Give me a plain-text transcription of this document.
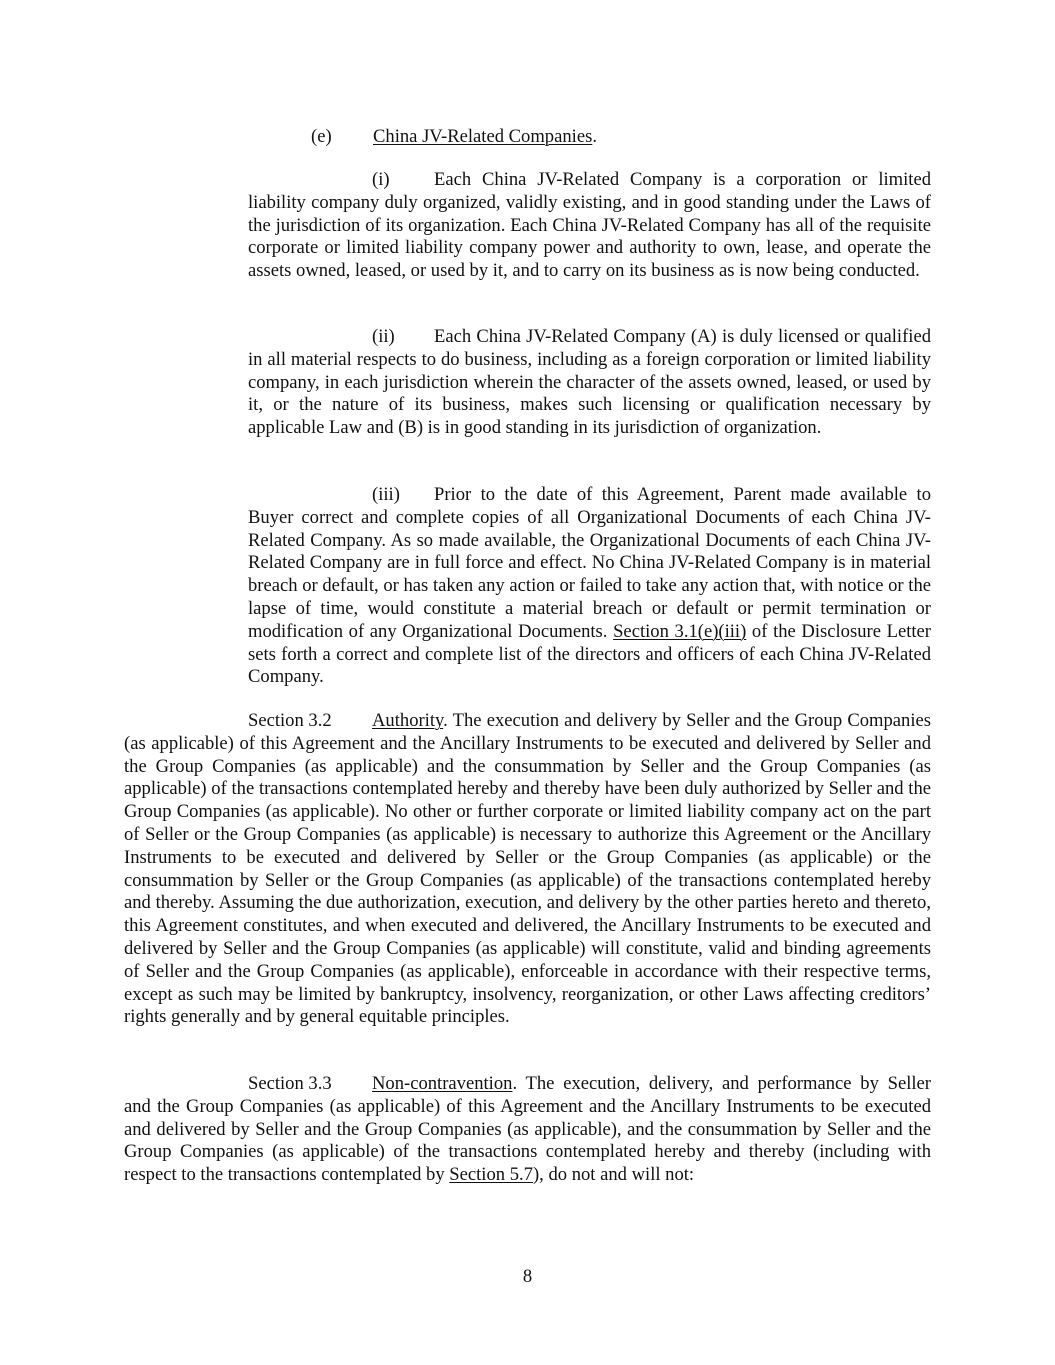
(e) China JV-Related Companies.
(i) Each China JV-Related Company is a corporation or limited liability company duly organized, validly existing, and in good standing under the Laws of the jurisdiction of its organization. Each China JV-Related Company has all of the requisite corporate or limited liability company power and authority to own, lease, and operate the assets owned, leased, or used by it, and to carry on its business as is now being conducted.
(ii) Each China JV-Related Company (A) is duly licensed or qualified in all material respects to do business, including as a foreign corporation or limited liability company, in each jurisdiction wherein the character of the assets owned, leased, or used by it, or the nature of its business, makes such licensing or qualification necessary by applicable Law and (B) is in good standing in its jurisdiction of organization.
(iii) Prior to the date of this Agreement, Parent made available to Buyer correct and complete copies of all Organizational Documents of each China JV-Related Company. As so made available, the Organizational Documents of each China JV-Related Company are in full force and effect. No China JV-Related Company is in material breach or default, or has taken any action or failed to take any action that, with notice or the lapse of time, would constitute a material breach or default or permit termination or modification of any Organizational Documents. Section 3.1(e)(iii) of the Disclosure Letter sets forth a correct and complete list of the directors and officers of each China JV-Related Company.
Section 3.2 Authority. The execution and delivery by Seller and the Group Companies (as applicable) of this Agreement and the Ancillary Instruments to be executed and delivered by Seller and the Group Companies (as applicable) and the consummation by Seller and the Group Companies (as applicable) of the transactions contemplated hereby and thereby have been duly authorized by Seller and the Group Companies (as applicable). No other or further corporate or limited liability company act on the part of Seller or the Group Companies (as applicable) is necessary to authorize this Agreement or the Ancillary Instruments to be executed and delivered by Seller or the Group Companies (as applicable) or the consummation by Seller or the Group Companies (as applicable) of the transactions contemplated hereby and thereby. Assuming the due authorization, execution, and delivery by the other parties hereto and thereto, this Agreement constitutes, and when executed and delivered, the Ancillary Instruments to be executed and delivered by Seller and the Group Companies (as applicable) will constitute, valid and binding agreements of Seller and the Group Companies (as applicable), enforceable in accordance with their respective terms, except as such may be limited by bankruptcy, insolvency, reorganization, or other Laws affecting creditors’ rights generally and by general equitable principles.
Section 3.3 Non-contravention. The execution, delivery, and performance by Seller and the Group Companies (as applicable) of this Agreement and the Ancillary Instruments to be executed and delivered by Seller and the Group Companies (as applicable), and the consummation by Seller and the Group Companies (as applicable) of the transactions contemplated hereby and thereby (including with respect to the transactions contemplated by Section 5.7), do not and will not:
8
